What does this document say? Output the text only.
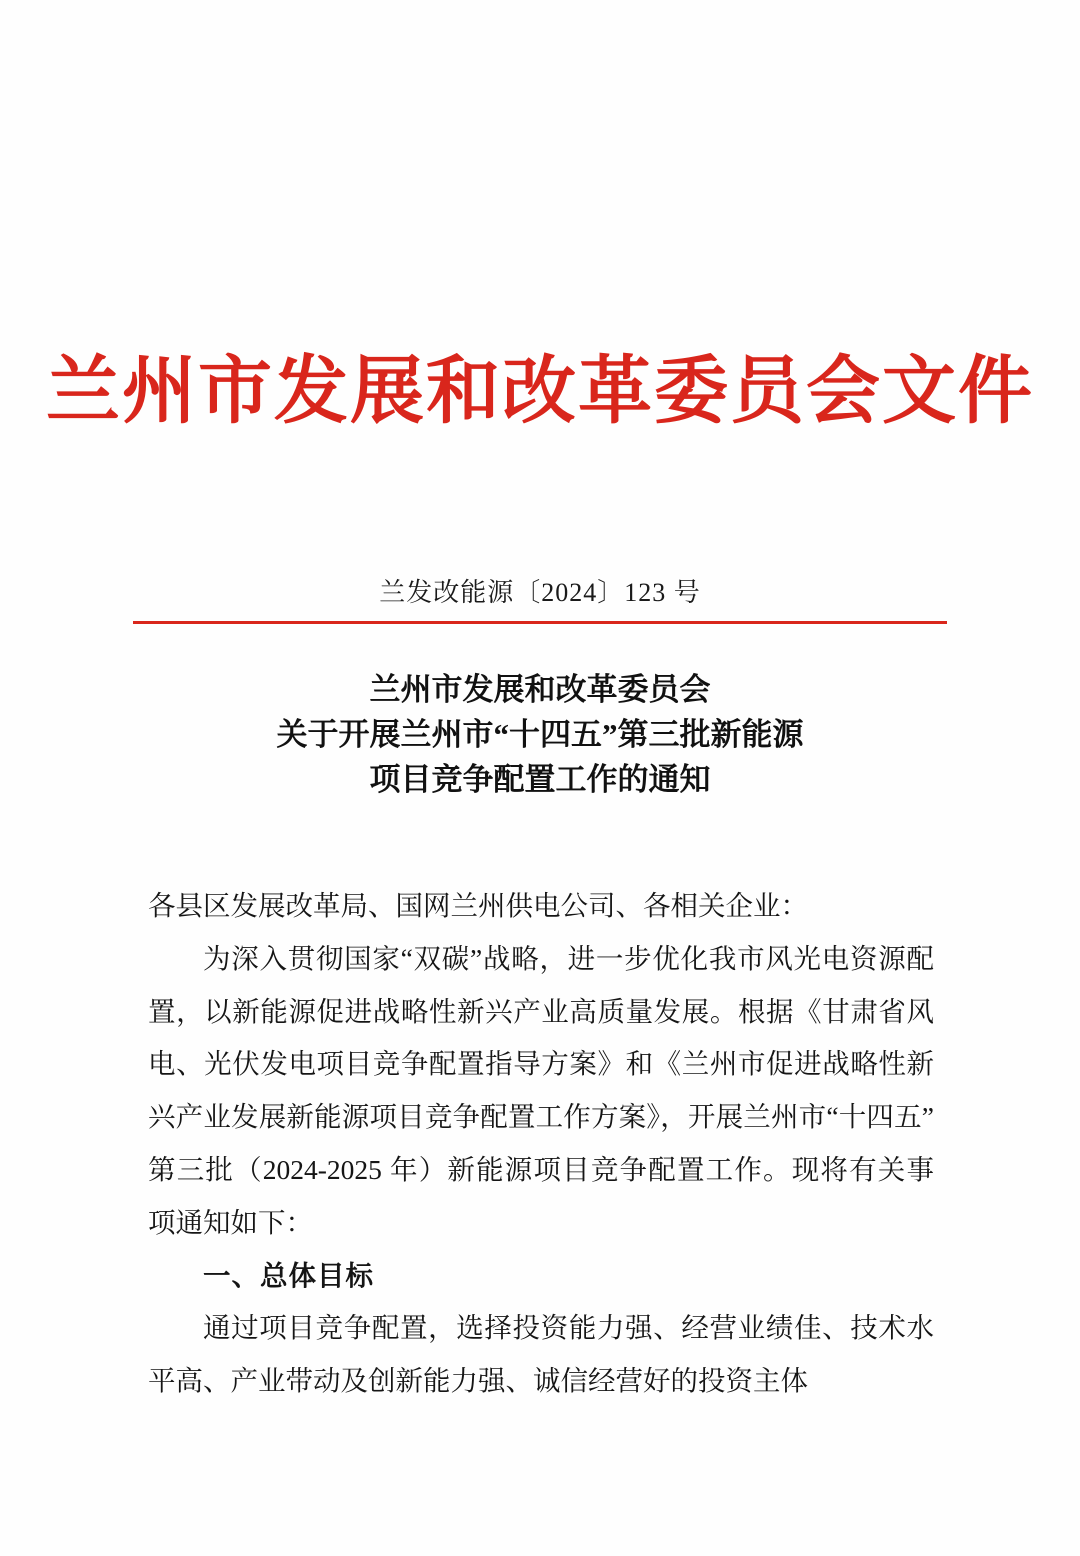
兰州市发展和改革委员会文件
兰发改能源〔2024〕123 号
兰州市发展和改革委员会
关于开展兰州市“十四五”第三批新能源
项目竞争配置工作的通知

各县区发展改革局、国网兰州供电公司、各相关企业：

为深入贯彻国家“双碳”战略，进一步优化我市风光电资源配置，以新能源促进战略性新兴产业高质量发展。根据《甘肃省风电、光伏发电项目竞争配置指导方案》和《兰州市促进战略性新兴产业发展新能源项目竞争配置工作方案》，开展兰州市“十四五”第三批（2024-2025 年）新能源项目竞争配置工作。现将有关事项通知如下：

一、总体目标

通过项目竞争配置，选择投资能力强、经营业绩佳、技术水平高、产业带动及创新能力强、诚信经营好的投资主体
